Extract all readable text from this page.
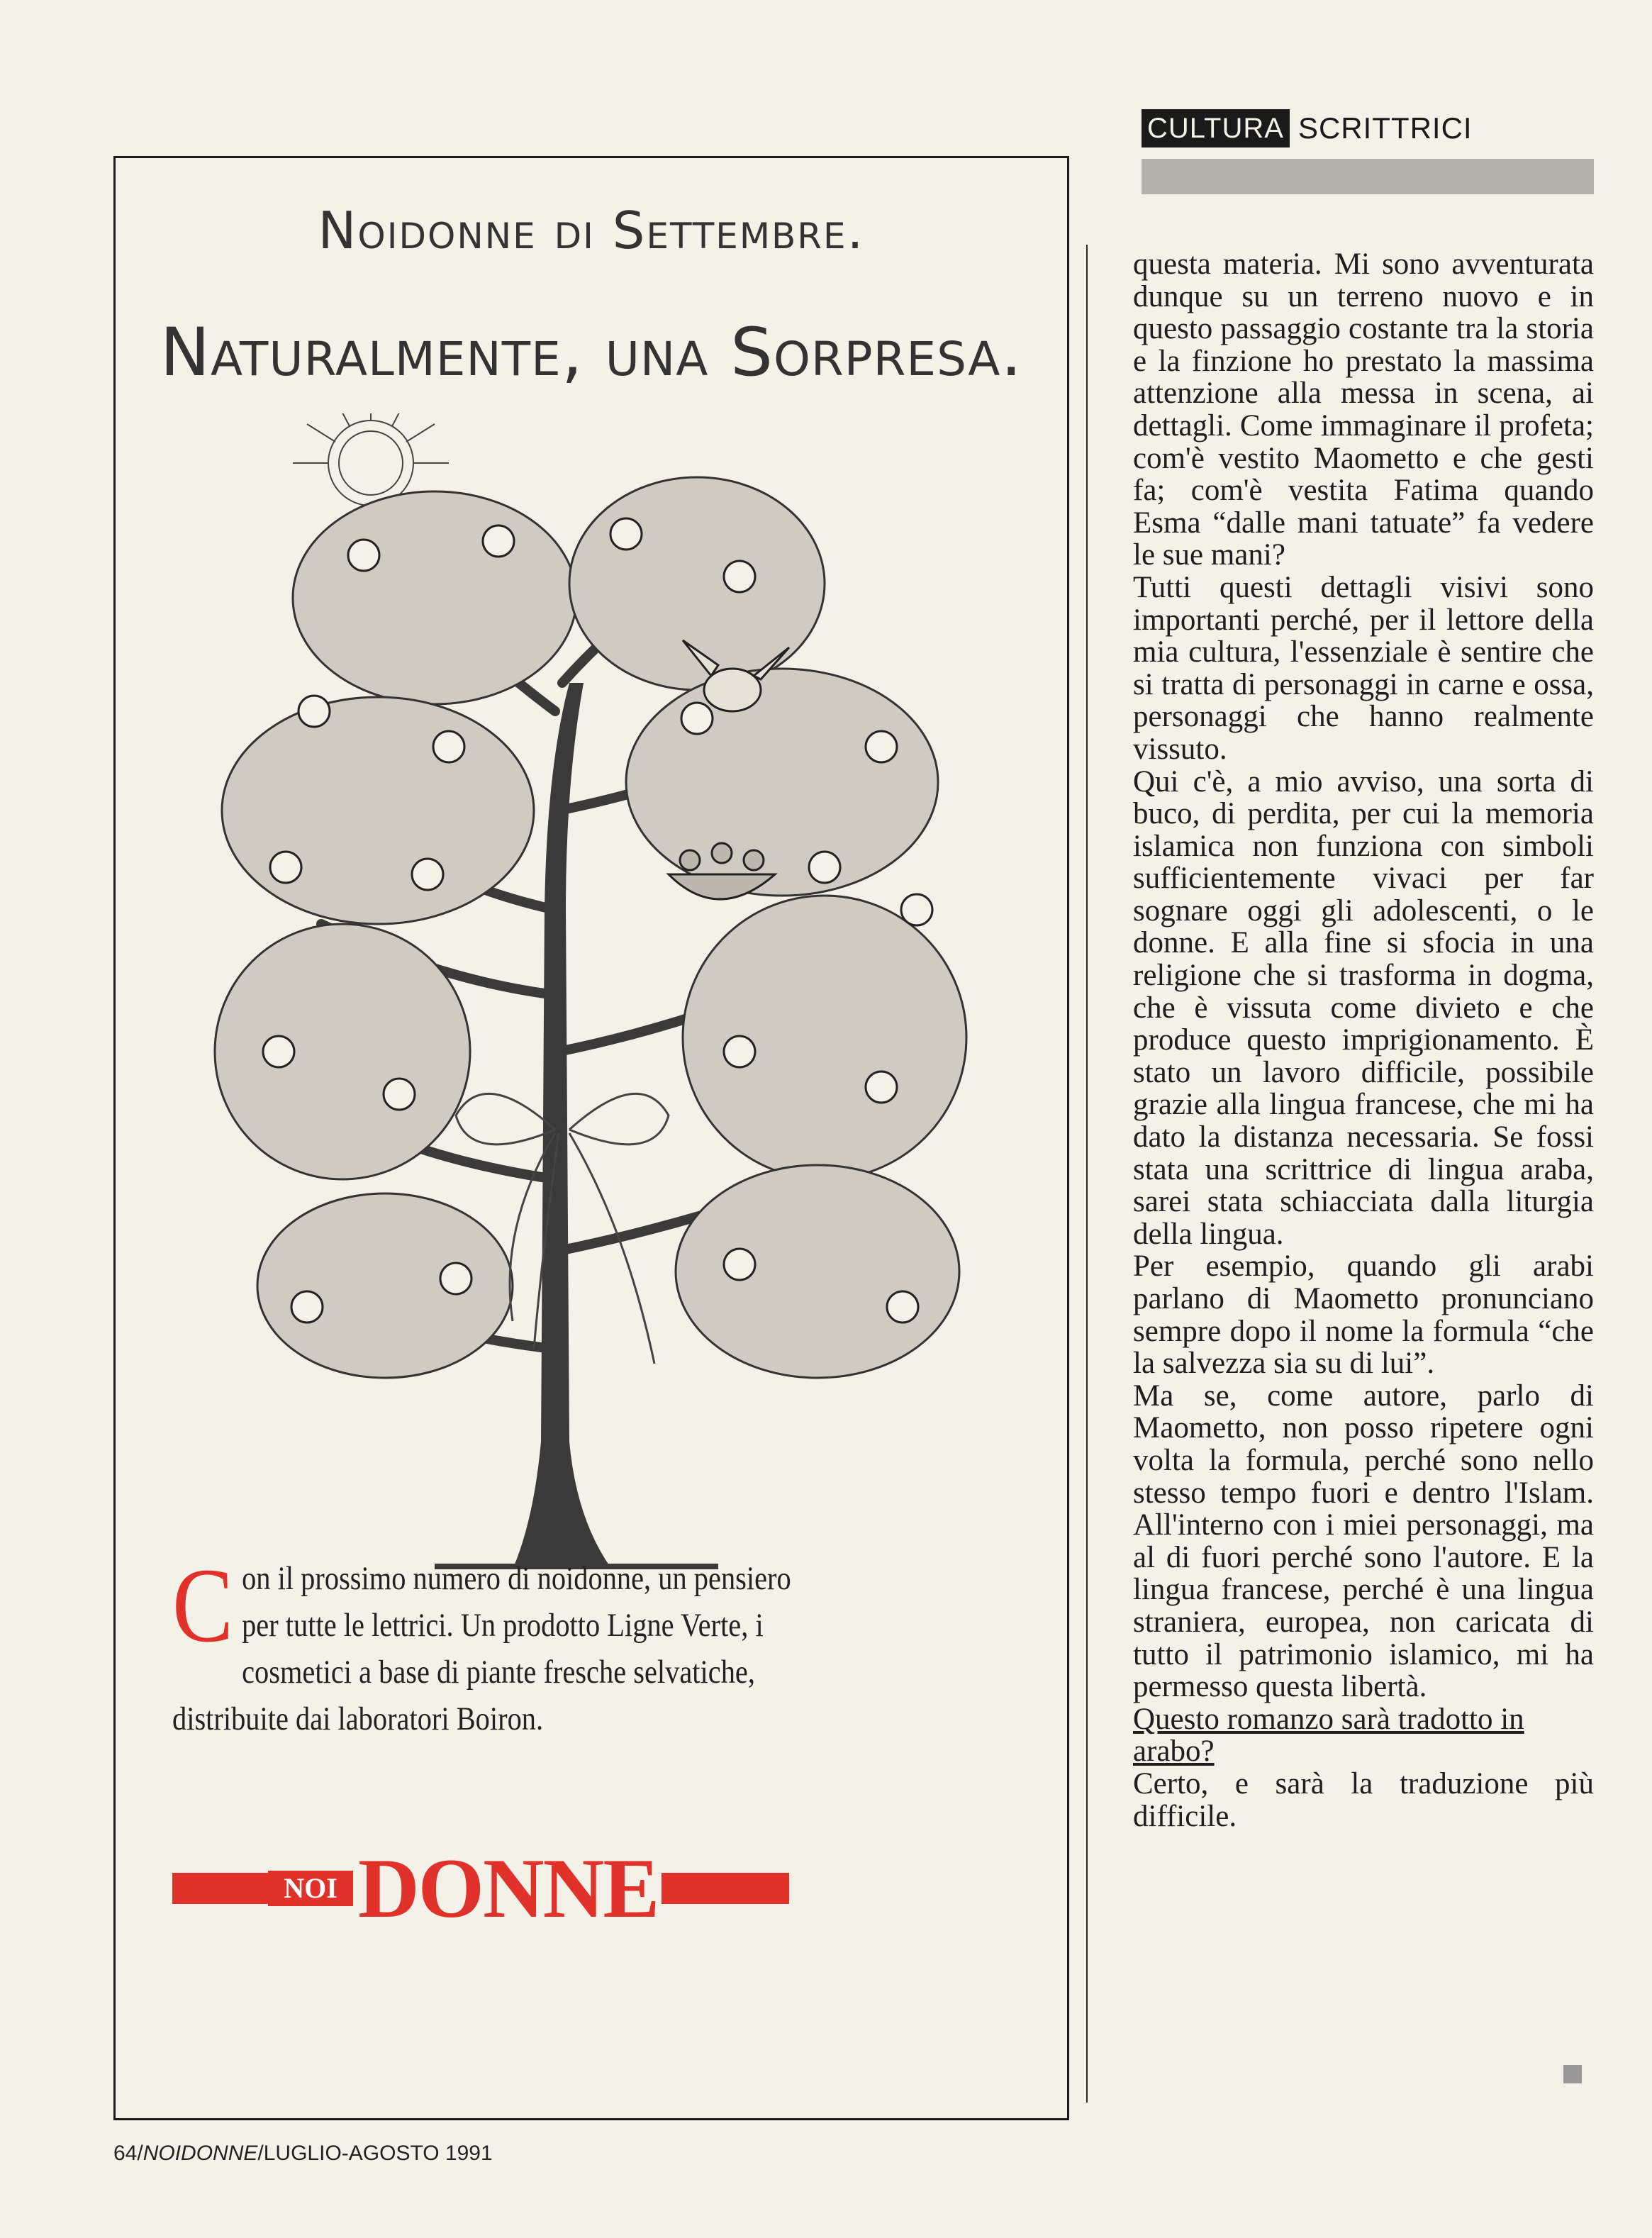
CULTURA SCRITTRICI
Noidonne di Settembre.
Naturalmente, una Sorpresa.
Con il prossimo numero di noidonne, un pensiero per tutte le lettrici. Un prodotto Ligne Verte, i cosmetici a base di piante fresche selvatiche, distribuite dai laboratori Boiron.
NOI DONNE

questa materia. Mi sono avventurata dunque su un terreno nuovo e in questo passaggio costante tra la storia e la finzione ho prestato la massima attenzione alla messa in scena, ai dettagli. Come immaginare il profeta; com'è vestito Maometto e che gesti fa; com'è vestita Fatima quando Esma “dalle mani tatuate” fa vedere le sue mani?

Tutti questi dettagli visivi sono importanti perché, per il lettore della mia cultura, l'essenziale è sentire che si tratta di personaggi in carne e ossa, personaggi che hanno realmente vissuto.

Qui c'è, a mio avviso, una sorta di buco, di perdita, per cui la memoria islamica non funziona con simboli sufficientemente vivaci per far sognare oggi gli adolescenti, o le donne. E alla fine si sfocia in una religione che si trasforma in dogma, che è vissuta come divieto e che produce questo imprigionamento. È stato un lavoro difficile, possibile grazie alla lingua francese, che mi ha dato la distanza necessaria. Se fossi stata una scrittrice di lingua araba, sarei stata schiacciata dalla liturgia della lingua.

Per esempio, quando gli arabi parlano di Maometto pronunciano sempre dopo il nome la formula “che la salvezza sia su di lui”.

Ma se, come autore, parlo di Maometto, non posso ripetere ogni volta la formula, perché sono nello stesso tempo fuori e dentro l'Islam. All'interno con i miei personaggi, ma al di fuori perché sono l'autore. E la lingua francese, perché è una lingua straniera, europea, non caricata di tutto il patrimonio islamico, mi ha permesso questa libertà.

Questo romanzo sarà tradotto in arabo?

Certo, e sarà la traduzione più difficile.

64/NOIDONNE/LUGLIO-AGOSTO 1991
